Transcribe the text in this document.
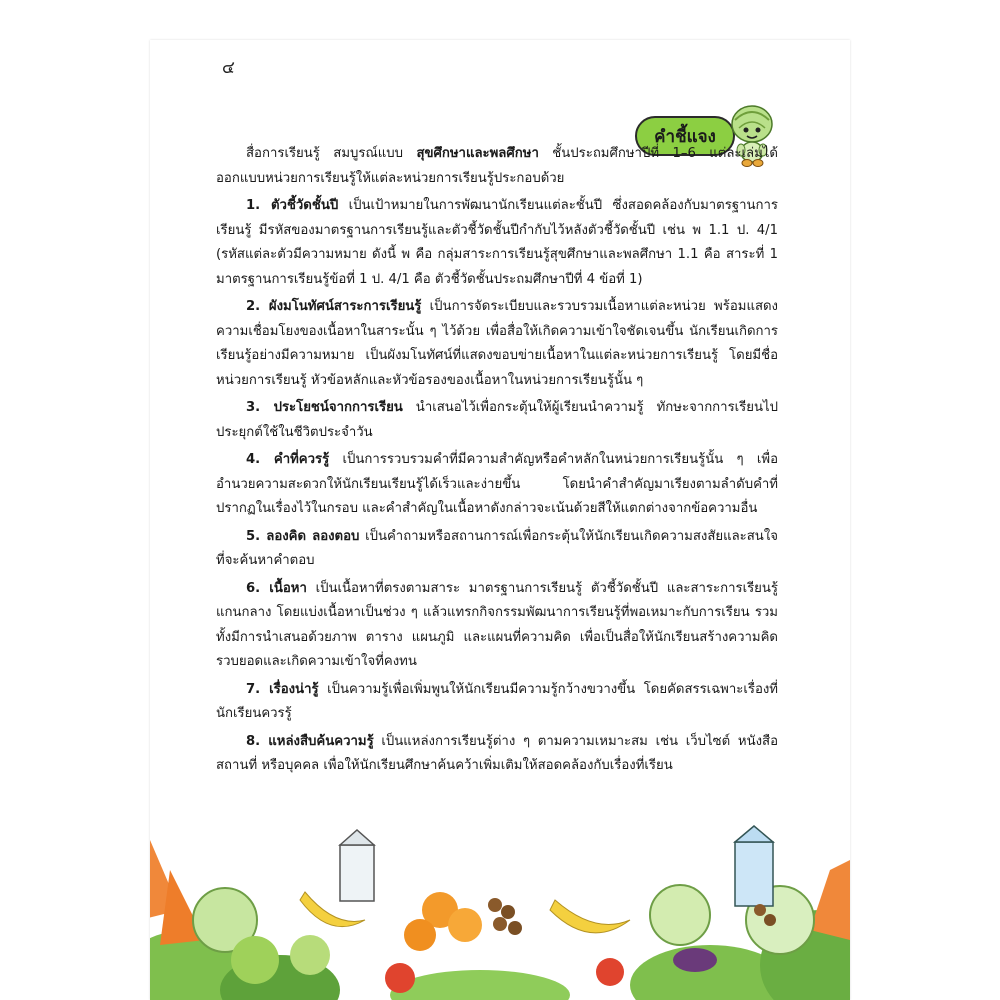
๔
คำชี้แจง

สื่อการเรียนรู้ สมบูรณ์แบบ สุขศึกษาและพลศึกษา ชั้นประถมศึกษาปีที่ 1–6 แต่ละเล่มได้ออกแบบหน่วยการเรียนรู้ให้แต่ละหน่วยการเรียนรู้ประกอบด้วย

1. ตัวชี้วัดชั้นปี เป็นเป้าหมายในการพัฒนานักเรียนแต่ละชั้นปี ซึ่งสอดคล้องกับมาตรฐานการเรียนรู้ มีรหัสของมาตรฐานการเรียนรู้และตัวชี้วัดชั้นปีกำกับไว้หลังตัวชี้วัดชั้นปี เช่น พ 1.1 ป. 4/1 (รหัสแต่ละตัวมีความหมาย ดังนี้ พ คือ กลุ่มสาระการเรียนรู้สุขศึกษาและพลศึกษา 1.1 คือ สาระที่ 1 มาตรฐานการเรียนรู้ข้อที่ 1 ป. 4/1 คือ ตัวชี้วัดชั้นประถมศึกษาปีที่ 4 ข้อที่ 1)

2. ผังมโนทัศน์สาระการเรียนรู้ เป็นการจัดระเบียบและรวบรวมเนื้อหาแต่ละหน่วย พร้อมแสดงความเชื่อมโยงของเนื้อหาในสาระนั้น ๆ ไว้ด้วย เพื่อสื่อให้เกิดความเข้าใจชัดเจนขึ้น นักเรียนเกิดการเรียนรู้อย่างมีความหมาย เป็นผังมโนทัศน์ที่แสดงขอบข่ายเนื้อหาในแต่ละหน่วยการเรียนรู้ โดยมีชื่อหน่วยการเรียนรู้ หัวข้อหลักและหัวข้อรองของเนื้อหาในหน่วยการเรียนรู้นั้น ๆ

3. ประโยชน์จากการเรียน นำเสนอไว้เพื่อกระตุ้นให้ผู้เรียนนำความรู้ ทักษะจากการเรียนไปประยุกต์ใช้ในชีวิตประจำวัน

4. คำที่ควรรู้ เป็นการรวบรวมคำที่มีความสำคัญหรือคำหลักในหน่วยการเรียนรู้นั้น ๆ เพื่ออำนวยความสะดวกให้นักเรียนเรียนรู้ได้เร็วและง่ายขึ้น โดยนำคำสำคัญมาเรียงตามลำดับคำที่ปรากฏในเรื่องไว้ในกรอบ และคำสำคัญในเนื้อหาดังกล่าวจะเน้นด้วยสีให้แตกต่างจากข้อความอื่น

5. ลองคิด ลองตอบ เป็นคำถามหรือสถานการณ์เพื่อกระตุ้นให้นักเรียนเกิดความสงสัยและสนใจที่จะค้นหาคำตอบ

6. เนื้อหา เป็นเนื้อหาที่ตรงตามสาระ มาตรฐานการเรียนรู้ ตัวชี้วัดชั้นปี และสาระการเรียนรู้แกนกลาง โดยแบ่งเนื้อหาเป็นช่วง ๆ แล้วแทรกกิจกรรมพัฒนาการเรียนรู้ที่พอเหมาะกับการเรียน รวมทั้งมีการนำเสนอด้วยภาพ ตาราง แผนภูมิ และแผนที่ความคิด เพื่อเป็นสื่อให้นักเรียนสร้างความคิดรวบยอดและเกิดความเข้าใจที่คงทน

7. เรื่องน่ารู้ เป็นความรู้เพื่อเพิ่มพูนให้นักเรียนมีความรู้กว้างขวางขึ้น โดยคัดสรรเฉพาะเรื่องที่นักเรียนควรรู้

8. แหล่งสืบค้นความรู้ เป็นแหล่งการเรียนรู้ต่าง ๆ ตามความเหมาะสม เช่น เว็บไซต์ หนังสือ สถานที่ หรือบุคคล เพื่อให้นักเรียนศึกษาค้นคว้าเพิ่มเติมให้สอดคล้องกับเรื่องที่เรียน
